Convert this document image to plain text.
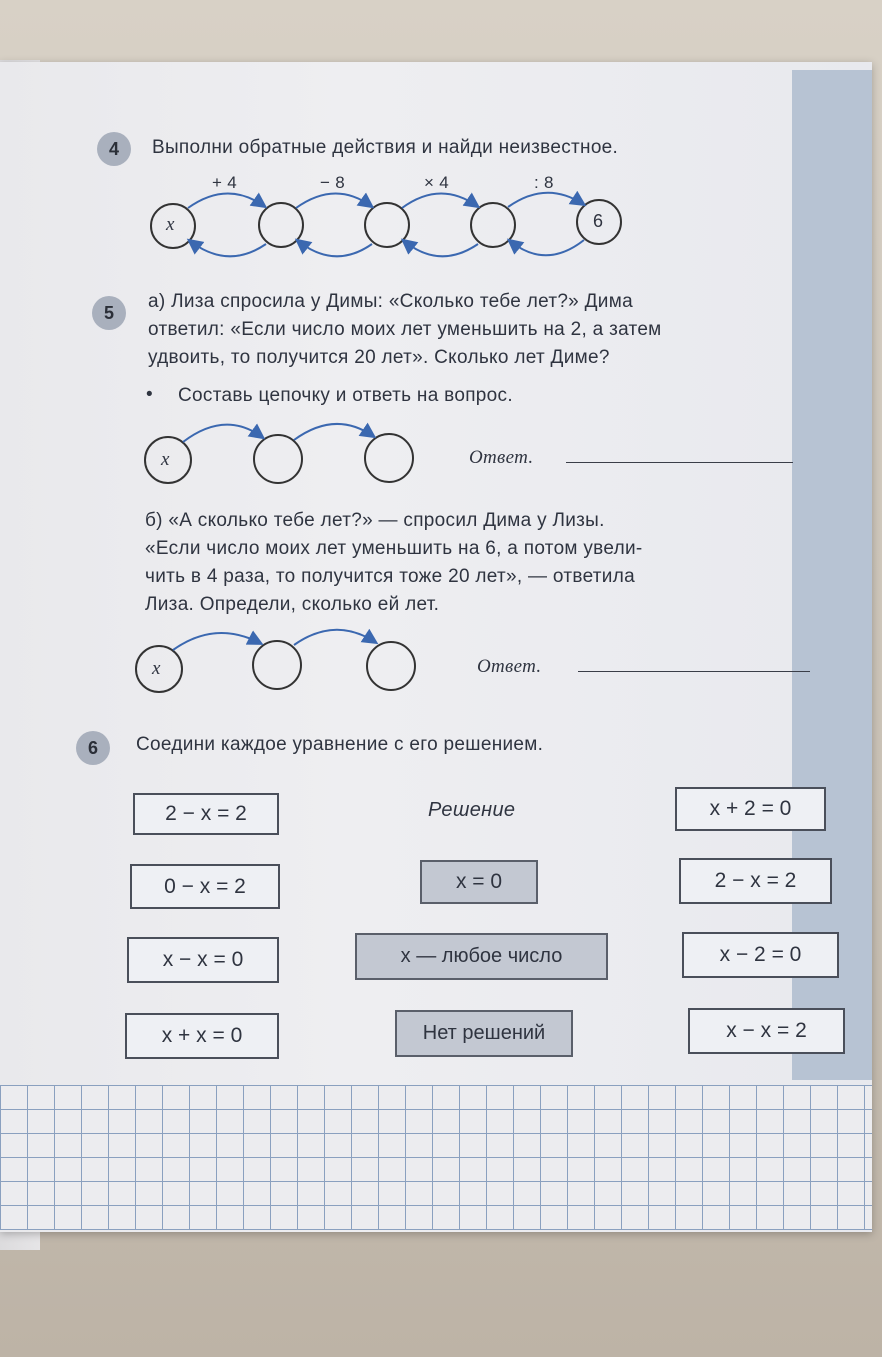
4	Выполни обратные действия и найди неизвестное.
+ 4	− 8	× 4	: 8
x	6
5
а) Лиза спросила у Димы: «Сколько тебе лет?» Дима
ответил: «Если число моих лет уменьшить на 2, а затем
удвоить, то получится 20 лет». Сколько лет Диме?
• Составь цепочку и ответь на вопрос.
x	Ответ.
б) «А сколько тебе лет?» — спросил Дима у Лизы.
«Если число моих лет уменьшить на 6, а потом увели-
чить в 4 раза, то получится тоже 20 лет», — ответила
Лиза. Определи, сколько ей лет.
x	Ответ.
6	Соедини каждое уравнение с его решением.
2 − x = 2
0 − x = 2
x − x = 0
x + x = 0
Решение
x = 0
x — любое число
Нет решений
x + 2 = 0
2 − x = 2
x − 2 = 0
x − x = 2
